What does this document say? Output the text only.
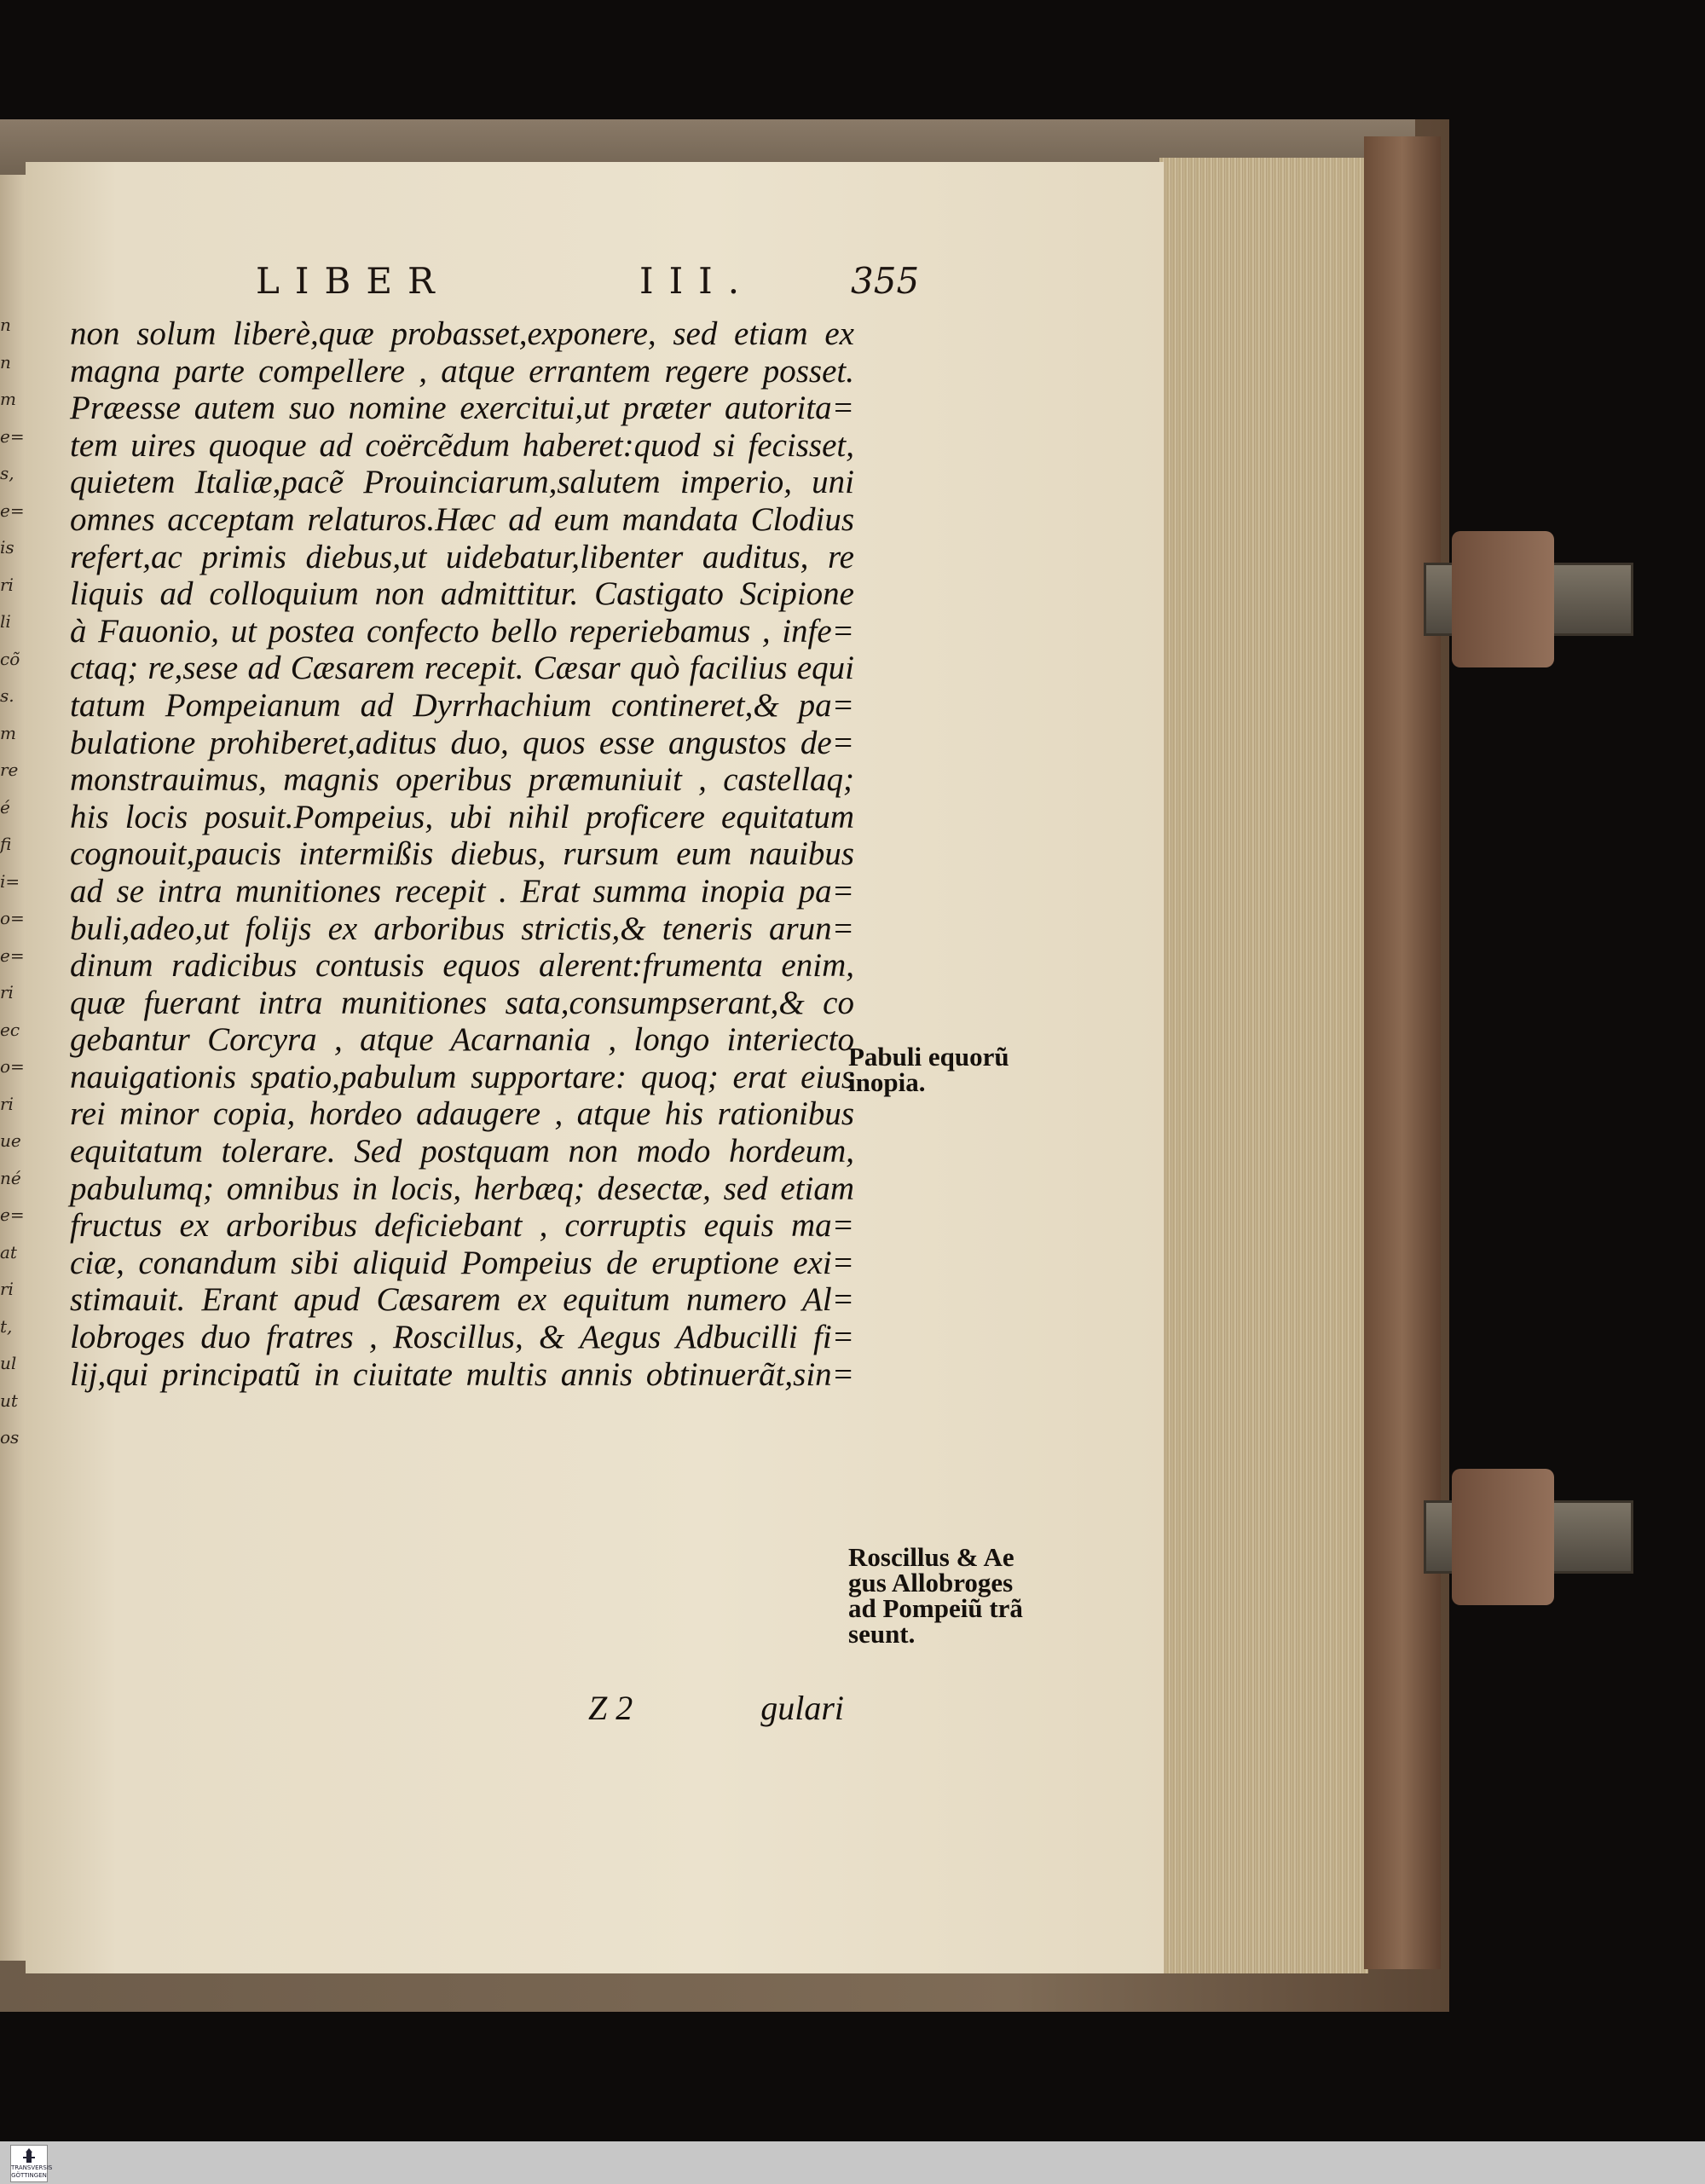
n
n
m
e=
s,
e=
is
ri
li
cõ
s.
m
re
é
fi
i=
o=
e=
ri
ec
o=
ri
ue
né
e=
at
ri
t,
ul
ut
os
LIBER	III.	355
non solum liberè,quæ probasset,exponere, sed etiam ex
magna parte compellere , atque errantem regere posset.
Præesse autem suo nomine exercitui,ut præter autorita=
tem uires quoque ad coërcẽdum haberet:quod si fecisset,
quietem Italiæ,pacẽ Prouinciarum,salutem imperio, uni
omnes acceptam relaturos.Hæc ad eum mandata Clodius
refert,ac primis diebus,ut uidebatur,libenter auditus, re
liquis ad colloquium non admittitur. Castigato Scipione
à Fauonio, ut postea confecto bello reperiebamus , infe=
ctaq; re,sese ad Cæsarem recepit. Cæsar quò facilius equi
tatum Pompeianum ad Dyrrhachium contineret,& pa=
bulatione prohiberet,aditus duo, quos esse angustos de=
monstrauimus, magnis operibus præmuniuit , castellaq;
his locis posuit.Pompeius, ubi nihil proficere equitatum
cognouit,paucis intermißis diebus, rursum eum nauibus
ad se intra munitiones recepit . Erat summa inopia pa=
buli,adeo,ut folijs ex arboribus strictis,& teneris arun=
dinum radicibus contusis equos alerent:frumenta enim,
quæ fuerant intra munitiones sata,consumpserant,& co
gebantur Corcyra , atque Acarnania , longo interiecto
nauigationis spatio,pabulum supportare: quoq; erat eius
rei minor copia, hordeo adaugere , atque his rationibus
equitatum tolerare. Sed postquam non modo hordeum,
pabulumq; omnibus in locis, herbæq; desectæ, sed etiam
fructus ex arboribus deficiebant , corruptis equis ma=
ciæ, conandum sibi aliquid Pompeius de eruptione exi=
stimauit. Erant apud Cæsarem ex equitum numero Al=
lobroges duo fratres , Roscillus, & Aegus Adbucilli fi=
lij,qui principatũ in ciuitate multis annis obtinuerãt,sin=
Z 2	gulari
Pabuli equorũ
inopia.
Roscillus & Ae
gus Allobroges
ad Pompeiũ trã
seunt.
TRANSVERSIS GÖTTINGEN
